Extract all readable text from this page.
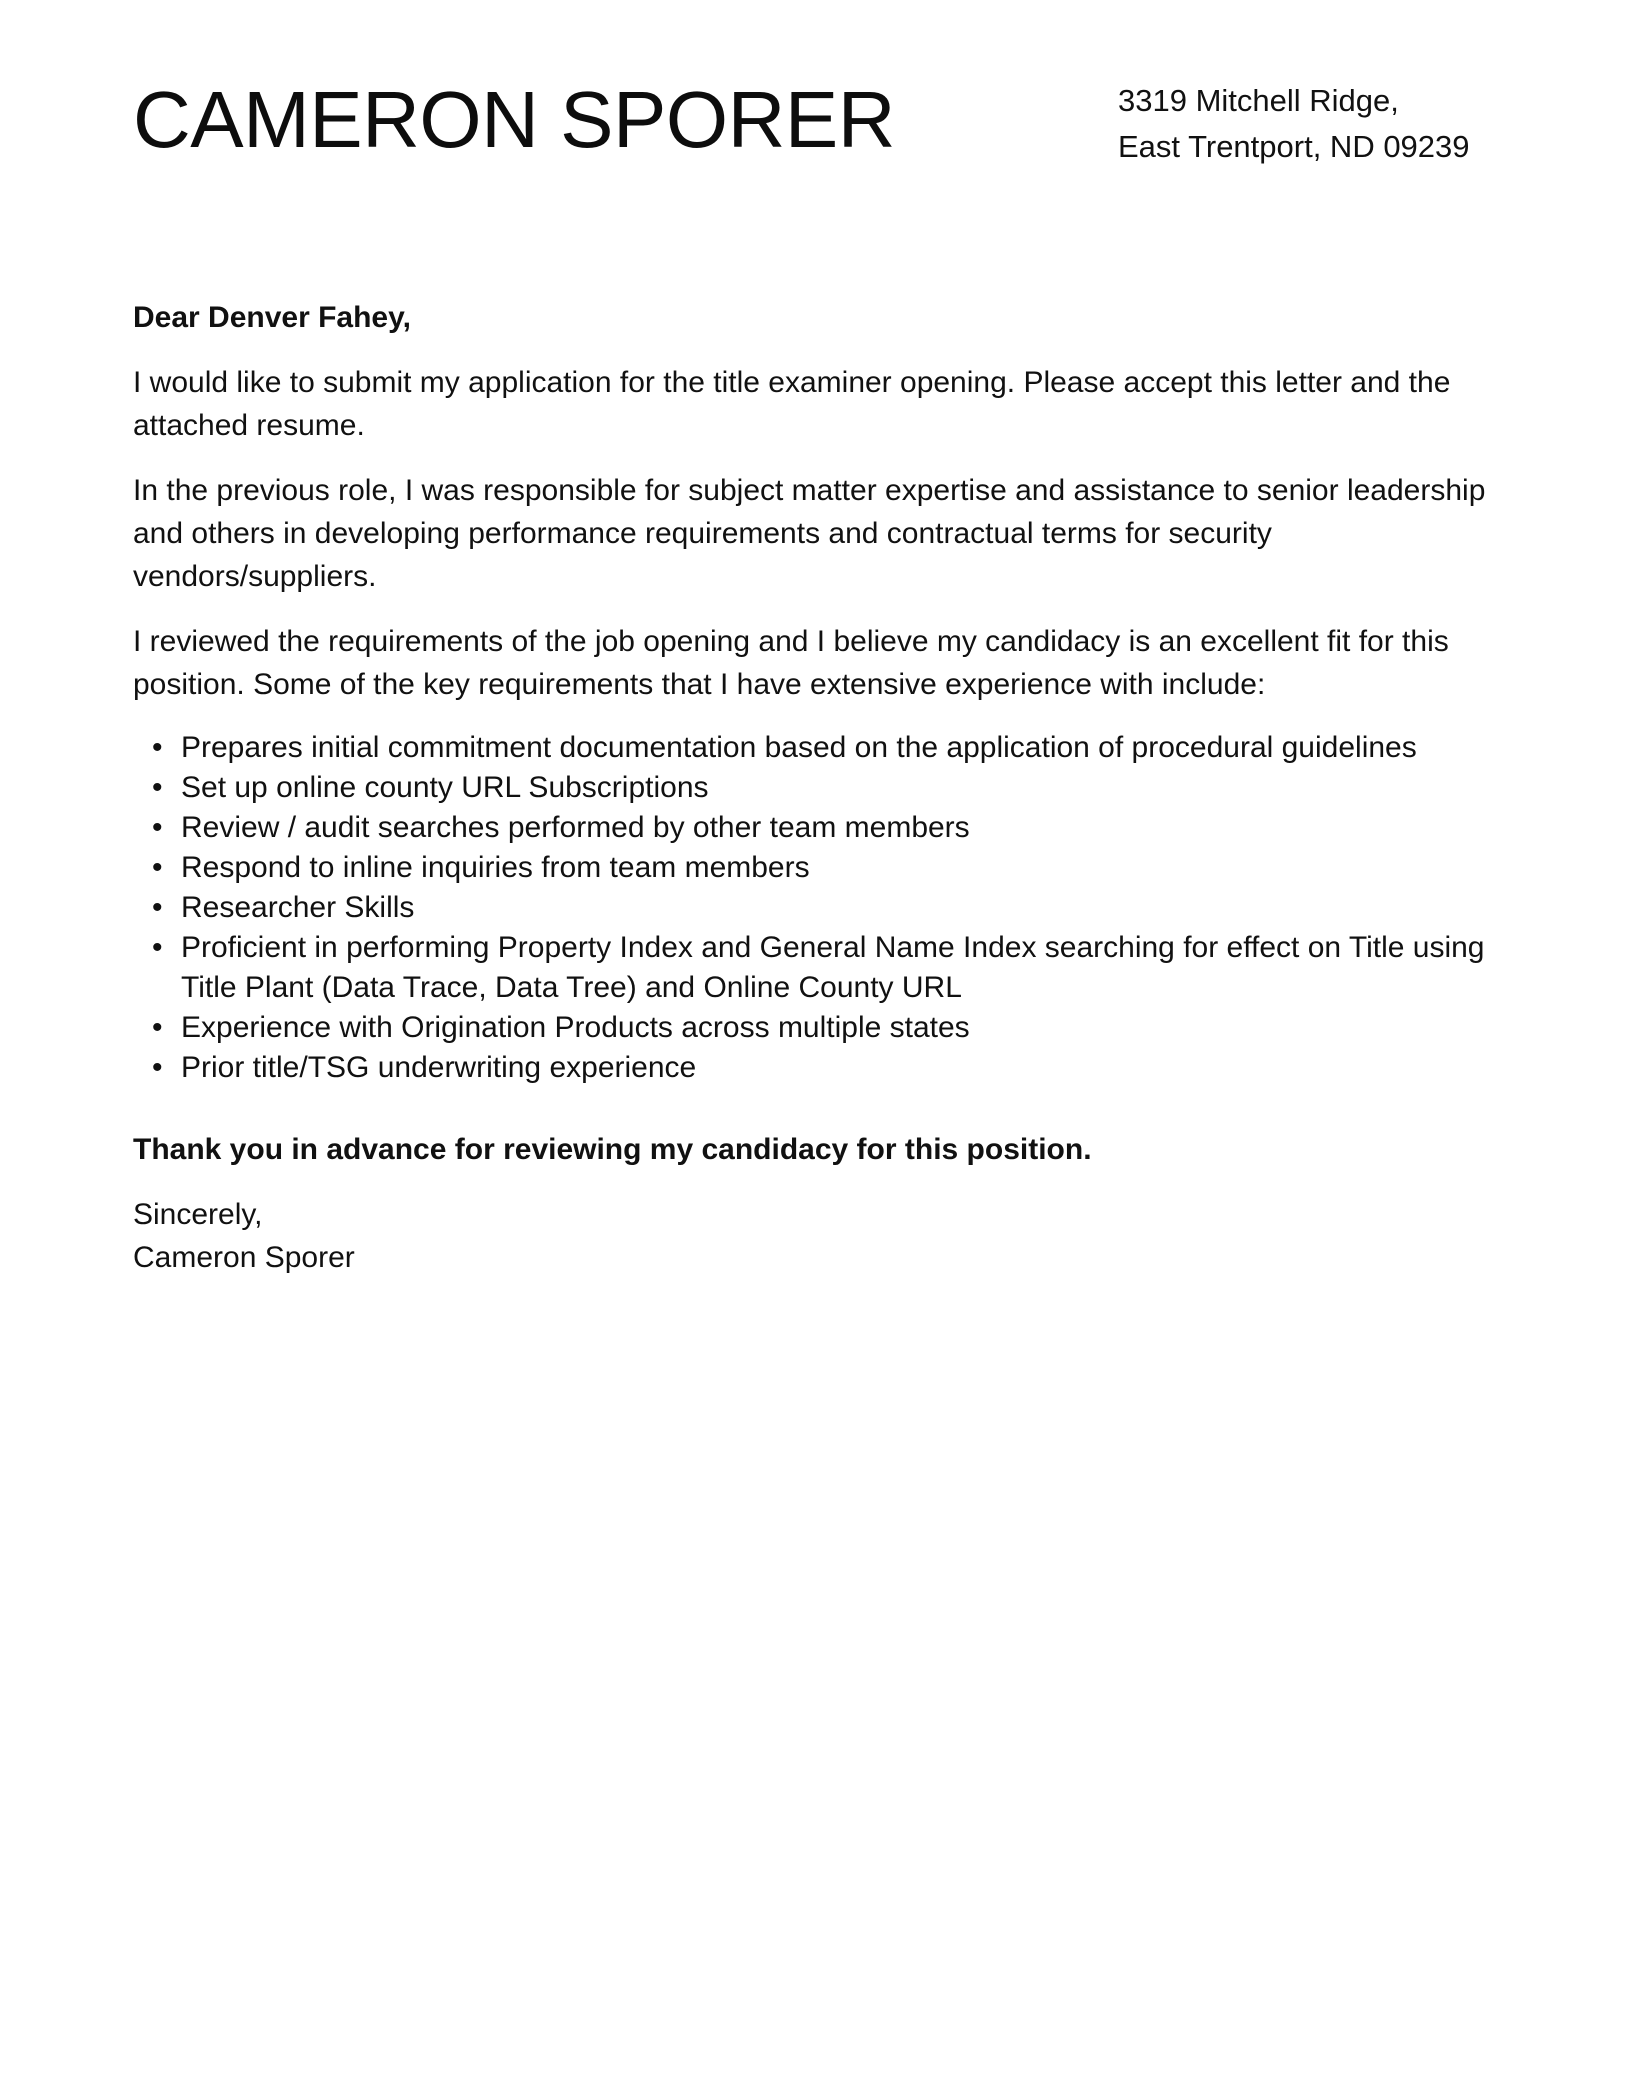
CAMERON SPORER	3319 Mitchell Ridge,
East Trentport, ND 09239

Dear Denver Fahey,

I would like to submit my application for the title examiner opening. Please accept this letter and the attached resume.

In the previous role, I was responsible for subject matter expertise and assistance to senior leadership and others in developing performance requirements and contractual terms for security vendors/suppliers.

I reviewed the requirements of the job opening and I believe my candidacy is an excellent fit for this position. Some of the key requirements that I have extensive experience with include:

• Prepares initial commitment documentation based on the application of procedural guidelines
• Set up online county URL Subscriptions
• Review / audit searches performed by other team members
• Respond to inline inquiries from team members
• Researcher Skills
• Proficient in performing Property Index and General Name Index searching for effect on Title using Title Plant (Data Trace, Data Tree) and Online County URL
• Experience with Origination Products across multiple states
• Prior title/TSG underwriting experience

Thank you in advance for reviewing my candidacy for this position.

Sincerely,

Cameron Sporer
